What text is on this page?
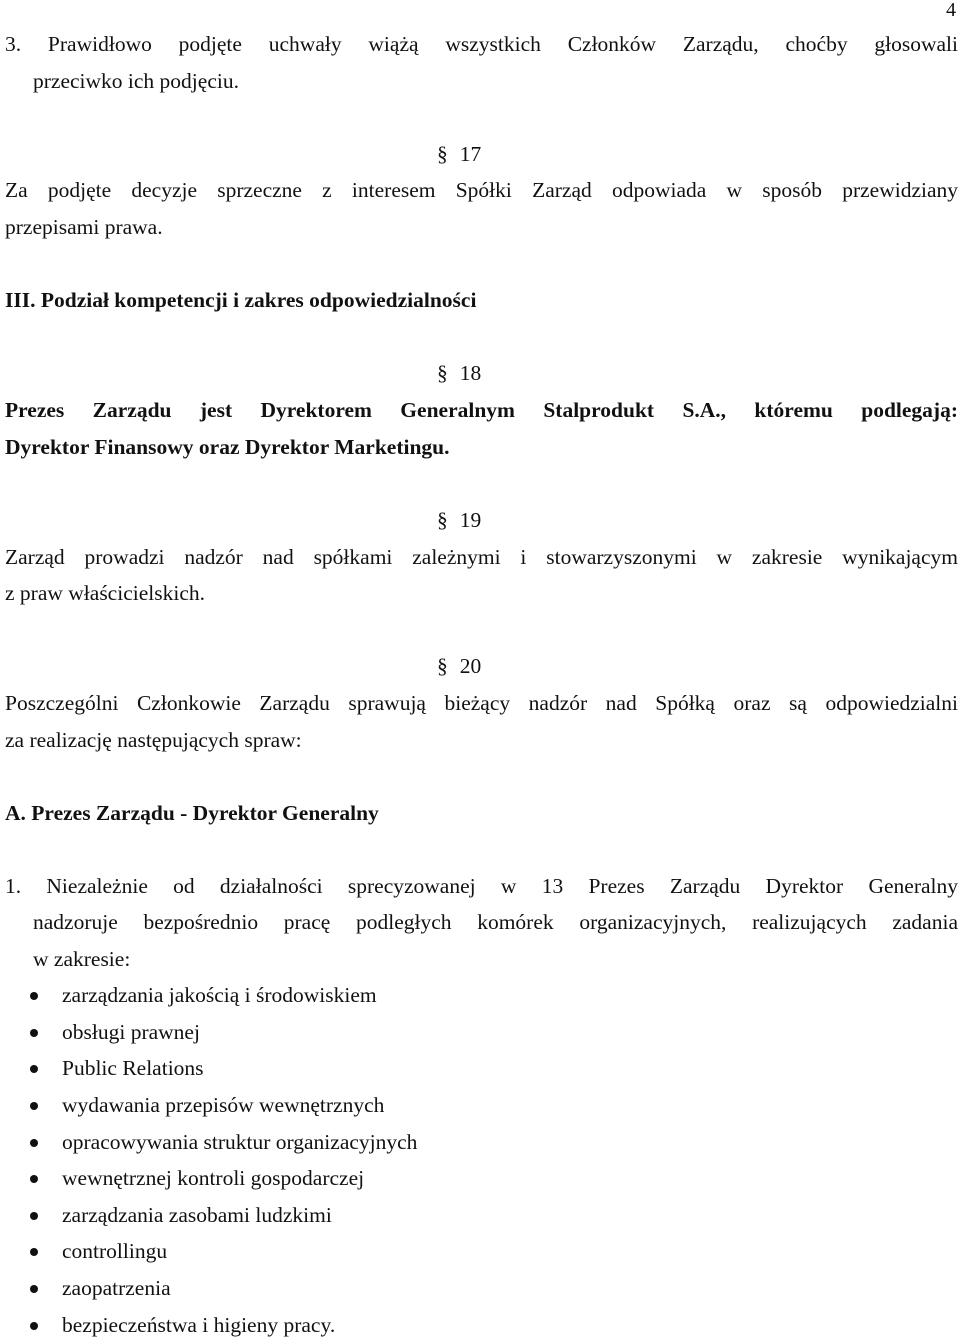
4
3. Prawidłowo podjęte uchwały wiążą wszystkich Członków Zarządu, choćby głosowali
przeciwko ich podjęciu.
§ 17
Za podjęte decyzje sprzeczne z interesem Spółki Zarząd odpowiada w sposób przewidziany
przepisami prawa.
III. Podział kompetencji i zakres odpowiedzialności
§ 18
Prezes Zarządu jest Dyrektorem Generalnym Stalprodukt S.A., któremu podlegają:
Dyrektor Finansowy oraz Dyrektor Marketingu.
§ 19
Zarząd prowadzi nadzór nad spółkami zależnymi i stowarzyszonymi w zakresie wynikającym
z praw właścicielskich.
§ 20
Poszczególni Członkowie Zarządu sprawują bieżący nadzór nad Spółką oraz są odpowiedzialni
za realizację następujących spraw:
A. Prezes Zarządu - Dyrektor Generalny
1. Niezależnie od działalności sprecyzowanej w 13 Prezes Zarządu Dyrektor Generalny
nadzoruje bezpośrednio pracę podległych komórek organizacyjnych, realizujących zadania
w zakresie:
zarządzania jakością i środowiskiem
obsługi prawnej
Public Relations
wydawania przepisów wewnętrznych
opracowywania struktur organizacyjnych
wewnętrznej kontroli gospodarczej
zarządzania zasobami ludzkimi
controllingu
zaopatrzenia
bezpieczeństwa i higieny pracy.
